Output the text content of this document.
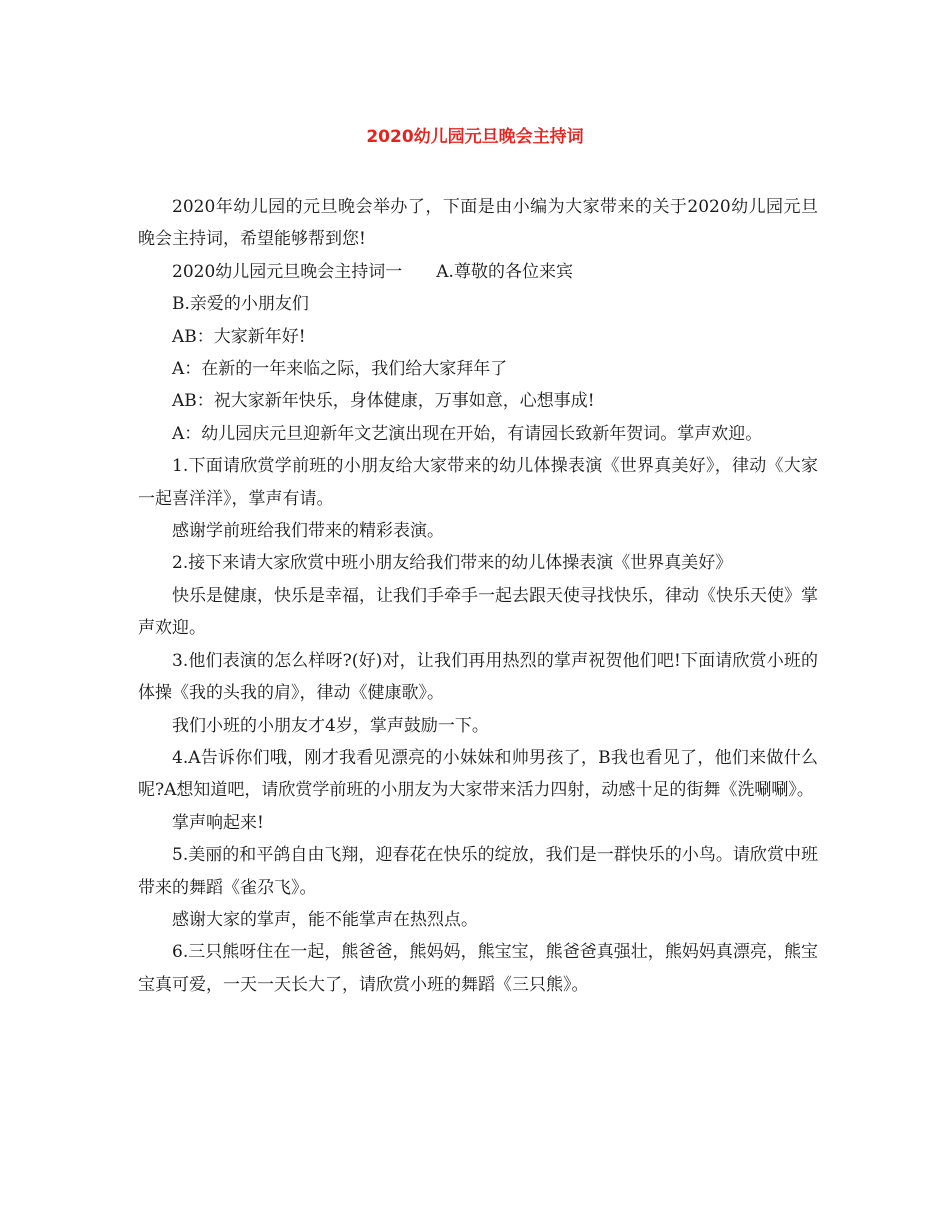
2020幼儿园元旦晚会主持词

2020年幼儿园的元旦晚会举办了，下面是由小编为大家带来的关于2020幼儿园元旦晚会主持词，希望能够帮到您!

2020幼儿园元旦晚会主持词一 A.尊敬的各位来宾

B.亲爱的小朋友们

AB：大家新年好!

A：在新的一年来临之际，我们给大家拜年了

AB：祝大家新年快乐，身体健康，万事如意，心想事成!

A：幼儿园庆元旦迎新年文艺演出现在开始，有请园长致新年贺词。掌声欢迎。

1.下面请欣赏学前班的小朋友给大家带来的幼儿体操表演《世界真美好》，律动《大家一起喜洋洋》，掌声有请。

感谢学前班给我们带来的精彩表演。

2.接下来请大家欣赏中班小朋友给我们带来的幼儿体操表演《世界真美好》

快乐是健康，快乐是幸福，让我们手牵手一起去跟天使寻找快乐，律动《快乐天使》掌声欢迎。

3.他们表演的怎么样呀?(好)对，让我们再用热烈的掌声祝贺他们吧!下面请欣赏小班的体操《我的头我的肩》，律动《健康歌》。

我们小班的小朋友才4岁，掌声鼓励一下。

4.A告诉你们哦，刚才我看见漂亮的小妹妹和帅男孩了，B我也看见了，他们来做什么呢?A想知道吧，请欣赏学前班的小朋友为大家带来活力四射，动感十足的街舞《洗唰唰》。

掌声响起来!

5.美丽的和平鸽自由飞翔，迎春花在快乐的绽放，我们是一群快乐的小鸟。请欣赏中班带来的舞蹈《雀尕飞》。

感谢大家的掌声，能不能掌声在热烈点。

6.三只熊呀住在一起，熊爸爸，熊妈妈，熊宝宝，熊爸爸真强壮，熊妈妈真漂亮，熊宝宝真可爱，一天一天长大了，请欣赏小班的舞蹈《三只熊》。
